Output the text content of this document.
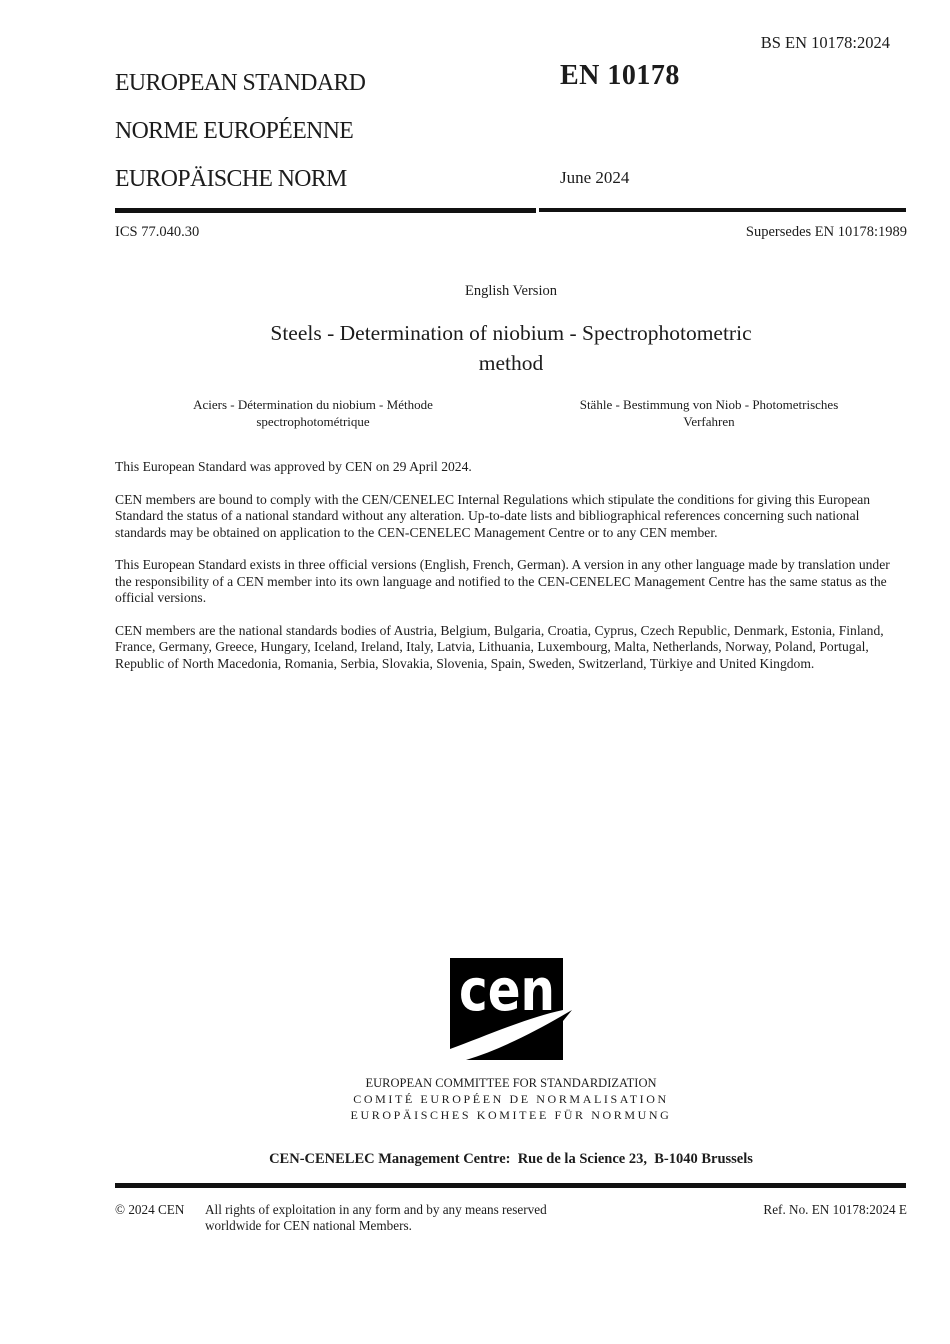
BS EN 10178:2024
EUROPEAN STANDARD
NORME EUROPÉENNE
EUROPÄISCHE NORM
EN 10178
June 2024
ICS 77.040.30	Supersedes EN 10178:1989
English Version
Steels - Determination of niobium - Spectrophotometric
method
Aciers - Détermination du niobium - Méthode
spectrophotométrique
Stähle - Bestimmung von Niob - Photometrisches
Verfahren

This European Standard was approved by CEN on 29 April 2024.

CEN members are bound to comply with the CEN/CENELEC Internal Regulations which stipulate the conditions for giving this European Standard the status of a national standard without any alteration. Up-to-date lists and bibliographical references concerning such national standards may be obtained on application to the CEN-CENELEC Management Centre or to any CEN member.

This European Standard exists in three official versions (English, French, German). A version in any other language made by translation under the responsibility of a CEN member into its own language and notified to the CEN-CENELEC Management Centre has the same status as the official versions.

CEN members are the national standards bodies of Austria, Belgium, Bulgaria, Croatia, Cyprus, Czech Republic, Denmark, Estonia, Finland, France, Germany, Greece, Hungary, Iceland, Ireland, Italy, Latvia, Lithuania, Luxembourg, Malta, Netherlands, Norway, Poland, Portugal, Republic of North Macedonia, Romania, Serbia, Slovakia, Slovenia, Spain, Sweden, Switzerland, Türkiye and United Kingdom.

cen
EUROPEAN COMMITTEE FOR STANDARDIZATION
COMITÉ EUROPÉEN DE NORMALISATION
EUROPÄISCHES KOMITEE FÜR NORMUNG
CEN-CENELEC Management Centre:  Rue de la Science 23,  B-1040 Brussels
© 2024 CEN All rights of exploitation in any form and by any means reserved
worldwide for CEN national Members.
Ref. No. EN 10178:2024 E
